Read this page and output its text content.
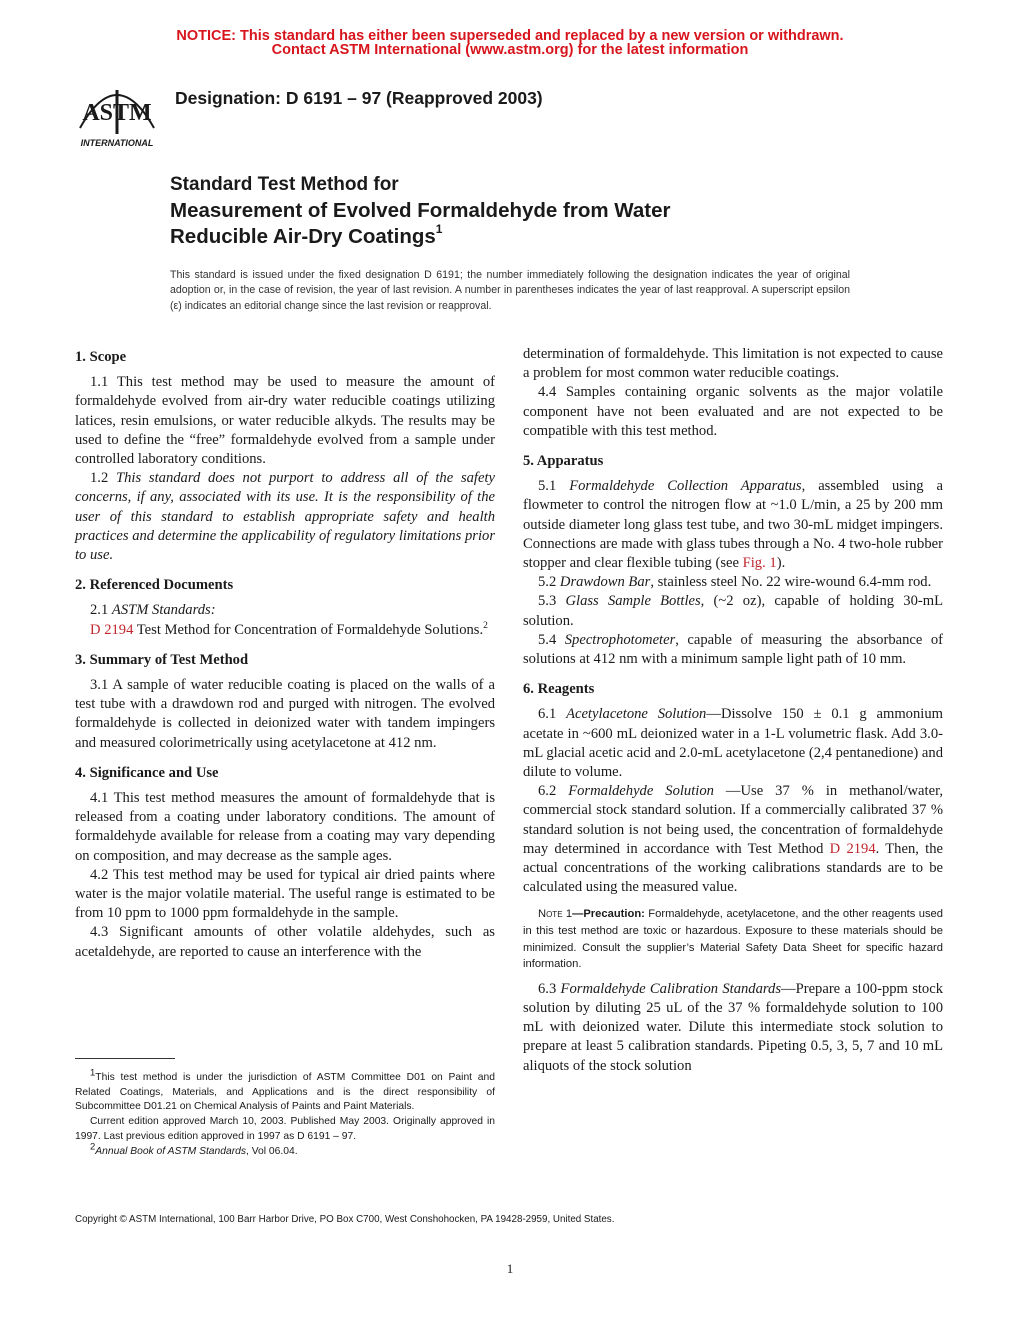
NOTICE: This standard has either been superseded and replaced by a new version or withdrawn.
Contact ASTM International (www.astm.org) for the latest information
ASTM
INTERNATIONAL
Designation: D 6191 – 97 (Reapproved 2003)
Standard Test Method for
Measurement of Evolved Formaldehyde from Water
Reducible Air-Dry Coatings$^1$
This standard is issued under the fixed designation D 6191; the number immediately following the designation indicates the year of original adoption or, in the case of revision, the year of last revision. A number in parentheses indicates the year of last reapproval. A superscript epsilon (ε) indicates an editorial change since the last revision or reapproval.
1. Scope

1.1 This test method may be used to measure the amount of formaldehyde evolved from air-dry water reducible coatings utilizing latices, resin emulsions, or water reducible alkyds. The results may be used to define the “free” formaldehyde evolved from a sample under controlled laboratory conditions.

1.2 This standard does not purport to address all of the safety concerns, if any, associated with its use. It is the responsibility of the user of this standard to establish appropriate safety and health practices and determine the applicability of regulatory limitations prior to use.

2. Referenced Documents

2.1 ASTM Standards:

D 2194 Test Method for Concentration of Formaldehyde Solutions.$^2$

3. Summary of Test Method

3.1 A sample of water reducible coating is placed on the walls of a test tube with a drawdown rod and purged with nitrogen. The evolved formaldehyde is collected in deionized water with tandem impingers and measured colorimetrically using acetylacetone at 412 nm.

4. Significance and Use

4.1 This test method measures the amount of formaldehyde that is released from a coating under laboratory conditions. The amount of formaldehyde available for release from a coating may vary depending on composition, and may decrease as the sample ages.

4.2 This test method may be used for typical air dried paints where water is the major volatile material. The useful range is estimated to be from 10 ppm to 1000 ppm formaldehyde in the sample.

4.3 Significant amounts of other volatile aldehydes, such as acetaldehyde, are reported to cause an interference with the

$^1$This test method is under the jurisdiction of ASTM Committee D01 on Paint and Related Coatings, Materials, and Applications and is the direct responsibility of Subcommittee D01.21 on Chemical Analysis of Paints and Paint Materials.

Current edition approved March 10, 2003. Published May 2003. Originally approved in 1997. Last previous edition approved in 1997 as D 6191 – 97.

$^2$Annual Book of ASTM Standards, Vol 06.04.

determination of formaldehyde. This limitation is not expected to cause a problem for most common water reducible coatings.

4.4 Samples containing organic solvents as the major volatile component have not been evaluated and are not expected to be compatible with this test method.

5. Apparatus

5.1 Formaldehyde Collection Apparatus, assembled using a flowmeter to control the nitrogen flow at ~1.0 L/min, a 25 by 200 mm outside diameter long glass test tube, and two 30-mL midget impingers. Connections are made with glass tubes through a No. 4 two-hole rubber stopper and clear flexible tubing (see Fig. 1).

5.2 Drawdown Bar, stainless steel No. 22 wire-wound 6.4-mm rod.

5.3 Glass Sample Bottles, (~2 oz), capable of holding 30-mL solution.

5.4 Spectrophotometer, capable of measuring the absorbance of solutions at 412 nm with a minimum sample light path of 10 mm.

6. Reagents

6.1 Acetylacetone Solution—Dissolve 150 ± 0.1 g ammonium acetate in ~600 mL deionized water in a 1-L volumetric flask. Add 3.0-mL glacial acetic acid and 2.0-mL acetylacetone (2,4 pentanedione) and dilute to volume.

6.2 Formaldehyde Solution —Use 37 % in methanol/water, commercial stock standard solution. If a commercially calibrated 37 % standard solution is not being used, the concentration of formaldehyde may determined in accordance with Test Method D 2194. Then, the actual concentrations of the working calibrations standards are to be calculated using the measured value.

Note 1—Precaution: Formaldehyde, acetylacetone, and the other reagents used in this test method are toxic or hazardous. Exposure to these materials should be minimized. Consult the supplier’s Material Safety Data Sheet for specific hazard information.

6.3 Formaldehyde Calibration Standards—Prepare a 100-ppm stock solution by diluting 25 uL of the 37 % formaldehyde solution to 100 mL with deionized water. Dilute this intermediate stock solution to prepare at least 5 calibration standards. Pipeting 0.5, 3, 5, 7 and 10 mL aliquots of the stock solution

Copyright © ASTM International, 100 Barr Harbor Drive, PO Box C700, West Conshohocken, PA 19428-2959, United States.
1
